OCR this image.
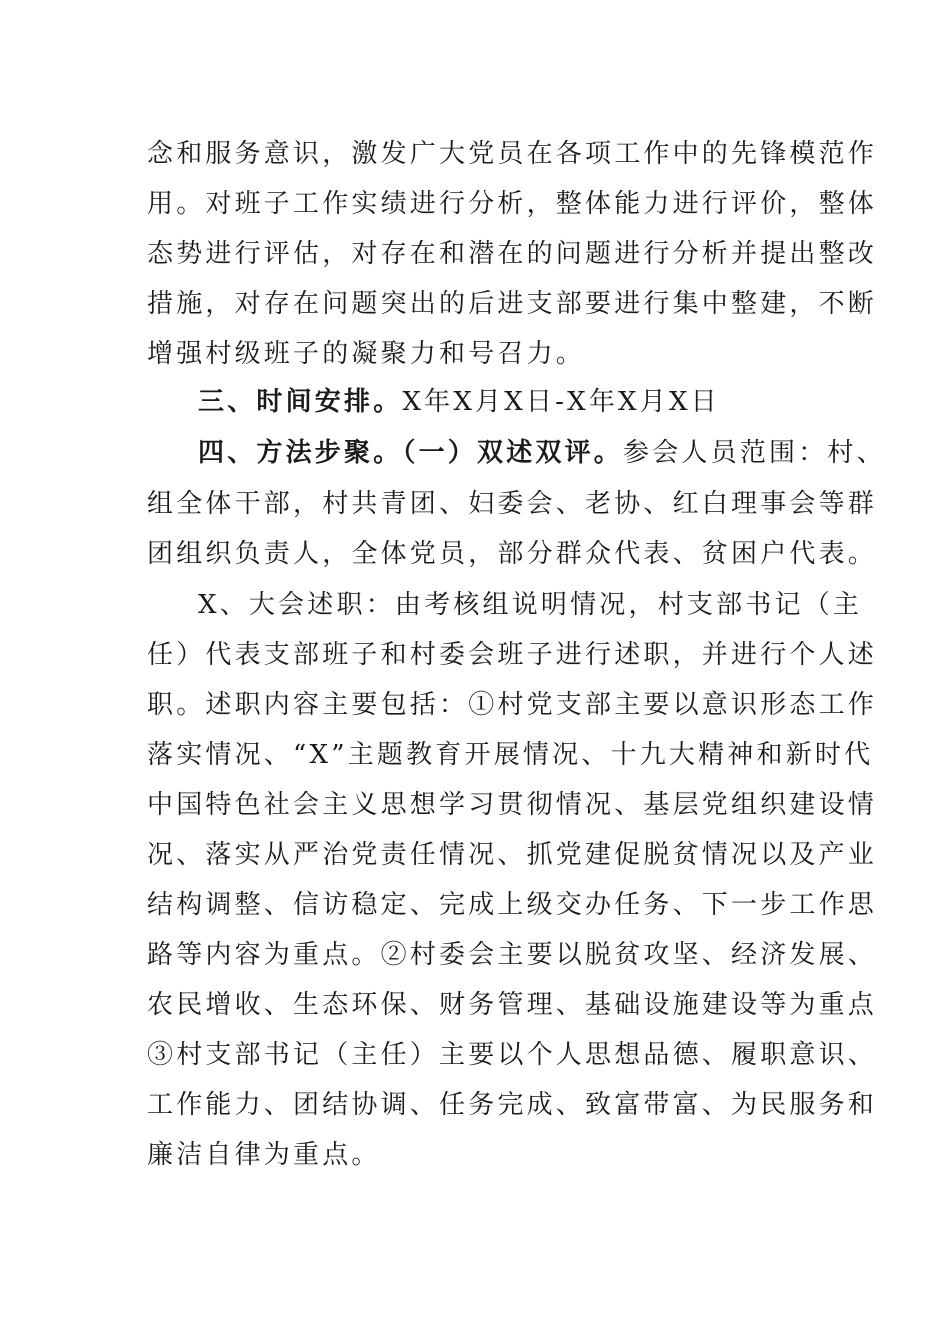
念和服务意识，激发广大党员在各项工作中的先锋模范作
用。对班子工作实绩进行分析，整体能力进行评价，整体
态势进行评估，对存在和潜在的问题进行分析并提出整改
措施，对存在问题突出的后进支部要进行集中整建，不断
增强村级班子的凝聚力和号召力。
三、时间安排。X年X月X日-X年X月X日
四、方法步聚。（一）双述双评。参会人员范围：村、
组全体干部，村共青团、妇委会、老协、红白理事会等群
团组织负责人，全体党员，部分群众代表、贫困户代表。
X、大会述职：由考核组说明情况，村支部书记（主
任）代表支部班子和村委会班子进行述职，并进行个人述
职。述职内容主要包括：①村党支部主要以意识形态工作
落实情况、“X”主题教育开展情况、十九大精神和新时代
中国特色社会主义思想学习贯彻情况、基层党组织建设情
况、落实从严治党责任情况、抓党建促脱贫情况以及产业
结构调整、信访稳定、完成上级交办任务、下一步工作思
路等内容为重点。②村委会主要以脱贫攻坚、经济发展、
农民增收、生态环保、财务管理、基础设施建设等为重点
③村支部书记（主任）主要以个人思想品德、履职意识、
工作能力、团结协调、任务完成、致富带富、为民服务和
廉洁自律为重点。
